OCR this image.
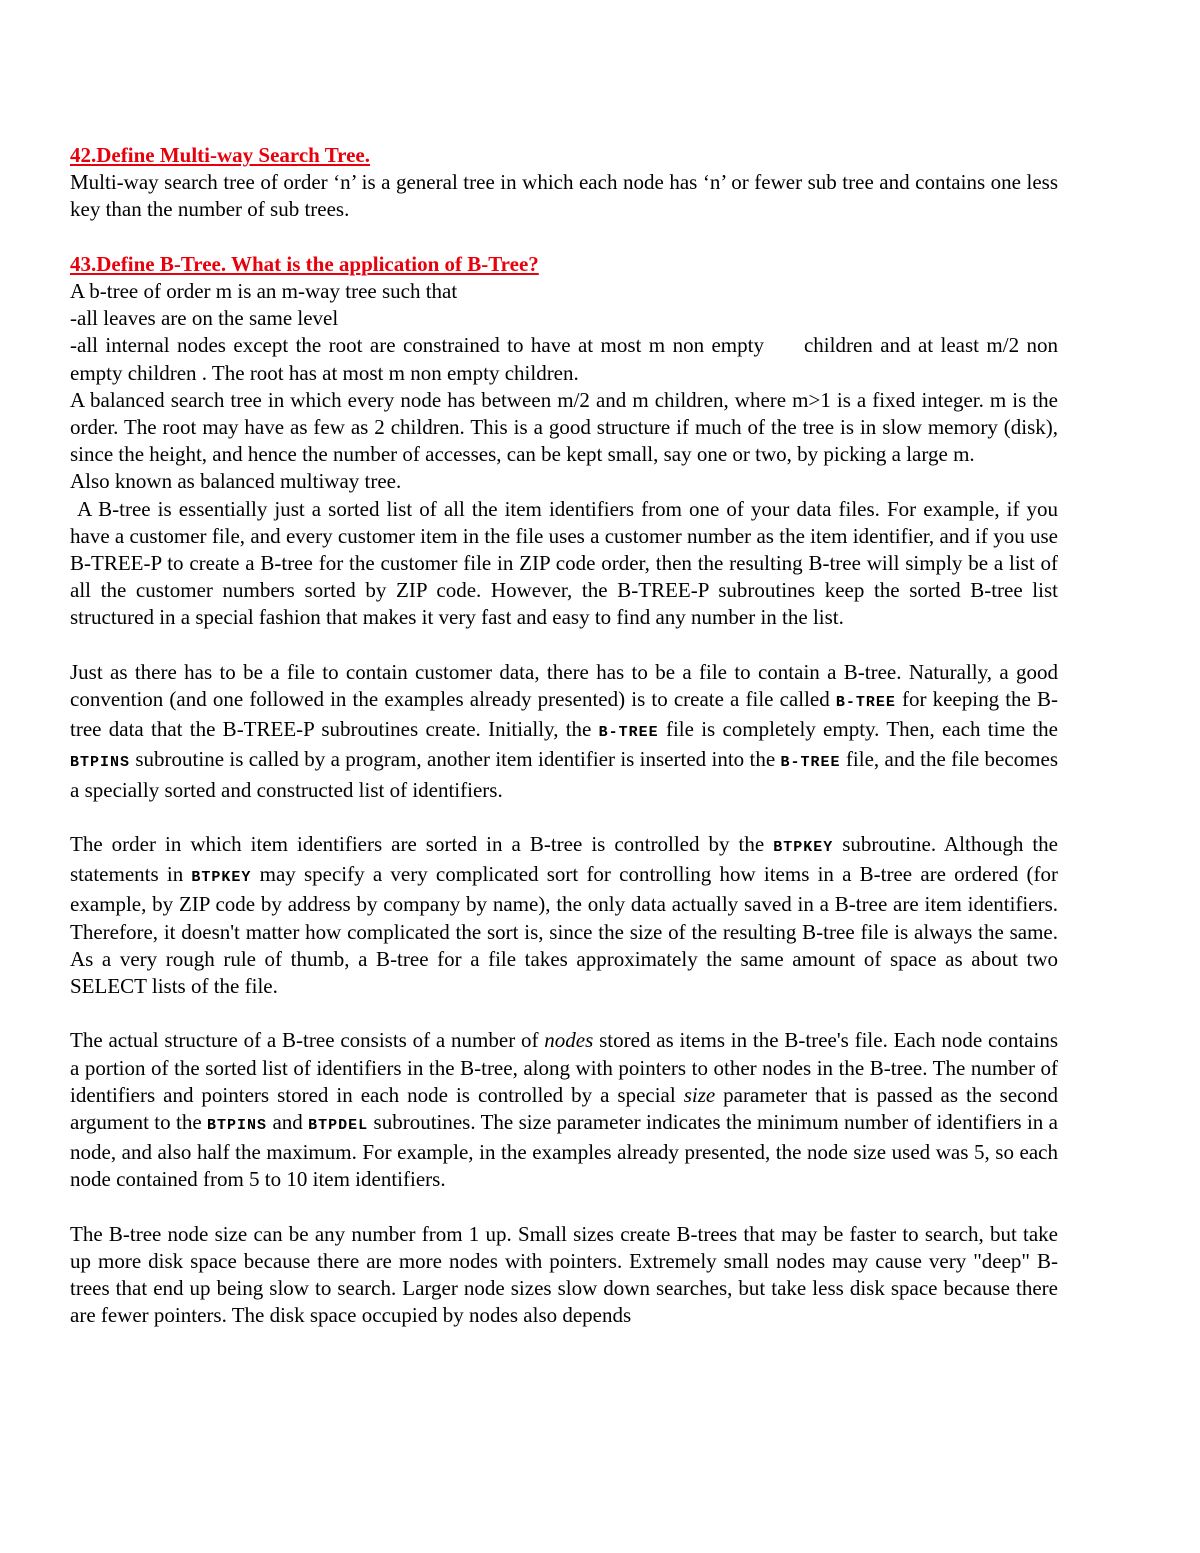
42.Define Multi-way Search Tree.

Multi-way search tree of order ‘n’ is a general tree in which each node has ‘n’ or fewer sub tree and contains one less key than the number of sub trees.

43.Define B-Tree. What is the application of B-Tree?

A b-tree of order m is an m-way tree such that

-all leaves are on the same level

-all internal nodes except the root are constrained to have at most m non empty children and at least m/2 non empty children . The root has at most m non empty children.

A balanced search tree in which every node has between m/2 and m children, where m>1 is a fixed integer. m is the order. The root may have as few as 2 children. This is a good structure if much of the tree is in slow memory (disk), since the height, and hence the number of accesses, can be kept small, say one or two, by picking a large m.

Also known as balanced multiway tree.

A B-tree is essentially just a sorted list of all the item identifiers from one of your data files. For example, if you have a customer file, and every customer item in the file uses a customer number as the item identifier, and if you use B-TREE-P to create a B-tree for the customer file in ZIP code order, then the resulting B-tree will simply be a list of all the customer numbers sorted by ZIP code. However, the B-TREE-P subroutines keep the sorted B-tree list structured in a special fashion that makes it very fast and easy to find any number in the list.

Just as there has to be a file to contain customer data, there has to be a file to contain a B-tree. Naturally, a good convention (and one followed in the examples already presented) is to create a file called B-TREE for keeping the B-tree data that the B-TREE-P subroutines create. Initially, the B-TREE file is completely empty. Then, each time the BTPINS subroutine is called by a program, another item identifier is inserted into the B-TREE file, and the file becomes a specially sorted and constructed list of identifiers.

The order in which item identifiers are sorted in a B-tree is controlled by the BTPKEY subroutine. Although the statements in BTPKEY may specify a very complicated sort for controlling how items in a B-tree are ordered (for example, by ZIP code by address by company by name), the only data actually saved in a B-tree are item identifiers. Therefore, it doesn't matter how complicated the sort is, since the size of the resulting B-tree file is always the same. As a very rough rule of thumb, a B-tree for a file takes approximately the same amount of space as about two SELECT lists of the file.

The actual structure of a B-tree consists of a number of nodes stored as items in the B-tree's file. Each node contains a portion of the sorted list of identifiers in the B-tree, along with pointers to other nodes in the B-tree. The number of identifiers and pointers stored in each node is controlled by a special size parameter that is passed as the second argument to the BTPINS and BTPDEL subroutines. The size parameter indicates the minimum number of identifiers in a node, and also half the maximum. For example, in the examples already presented, the node size used was 5, so each node contained from 5 to 10 item identifiers.

The B-tree node size can be any number from 1 up. Small sizes create B-trees that may be faster to search, but take up more disk space because there are more nodes with pointers. Extremely small nodes may cause very "deep" B-trees that end up being slow to search. Larger node sizes slow down searches, but take less disk space because there are fewer pointers. The disk space occupied by nodes also depends
